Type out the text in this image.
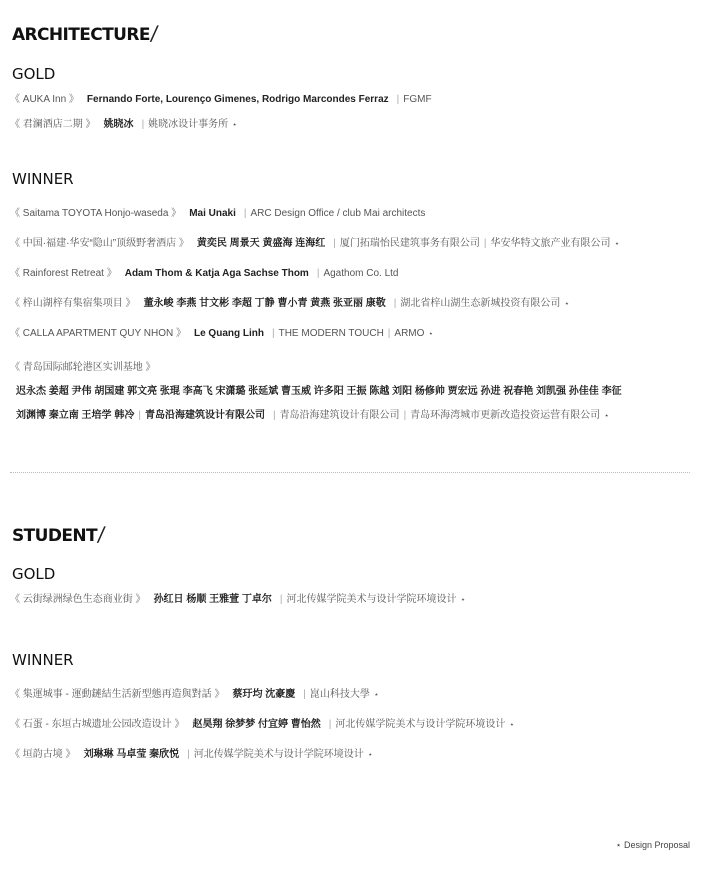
ARCHITECTURE /
GOLD
《 AUKA Inn 》 Fernando Forte, Lourenço Gimenes, Rodrigo Marcondes Ferraz | FGMF
《 君澜酒店二期 》 姚晓冰 | 姚晓冰设计事务所 ⋆
WINNER
《 Saitama TOYOTA Honjo-waseda 》 Mai Unaki | ARC Design Office / club Mai architects
《 中国·福建·华安“隐山”顶级野奢酒店 》 黄奕民 周景天 黄盛海 连海红 | 厦门拓瑞怡民建筑事务有限公司 | 华安华特文旅产业有限公司 ⋆
《 Rainforest Retreat 》 Adam Thom & Katja Aga Sachse Thom | Agathom Co. Ltd
《 梓山湖梓有集宿集项目 》 董永峻 李燕 甘文彬 李超 丁静 曹小青 黄燕 张亚丽 康敬 | 湖北省梓山湖生态新城投资有限公司 ⋆
《 CALLA APARTMENT QUY NHON 》 Le Quang Linh | THE MODERN TOUCH | ARMO ⋆
《 青岛国际邮轮港区实训基地 》
迟永杰 姜超 尹伟 胡国建 郭文亮 张琨 李高飞 宋潇璐 张延斌 曹玉威 许多阳 王振 陈越 刘阳 杨修帅 贾宏远 孙进 祝春艳 刘凯强 孙佳佳 李征
刘渊博 秦立南 王培学 韩冷 | 青岛沿海建筑设计有限公司 | 青岛沿海建筑设计有限公司 | 青岛环海湾城市更新改造投资运营有限公司 ⋆
STUDENT /
GOLD
《 云街绿洲绿色生态商业街 》 孙红日 杨顺 王雅萱 丁卓尔 | 河北传媒学院美术与设计学院环境设计 ⋆
WINNER
《 集運城事 - 運動鏈結生活新型態再造與對話 》 蔡玗均 沈豪慶 | 崑山科技大學 ⋆
《 石蛋 - 东垣古城遗址公园改造设计 》 赵昊翔 徐梦梦 付宜婷 曹怡然 | 河北传媒学院美术与设计学院环境设计 ⋆
《 垣韵古境 》 刘琳琳 马卓莹 秦欣悦 | 河北传媒学院美术与设计学院环境设计 ⋆
⋆ Design Proposal
